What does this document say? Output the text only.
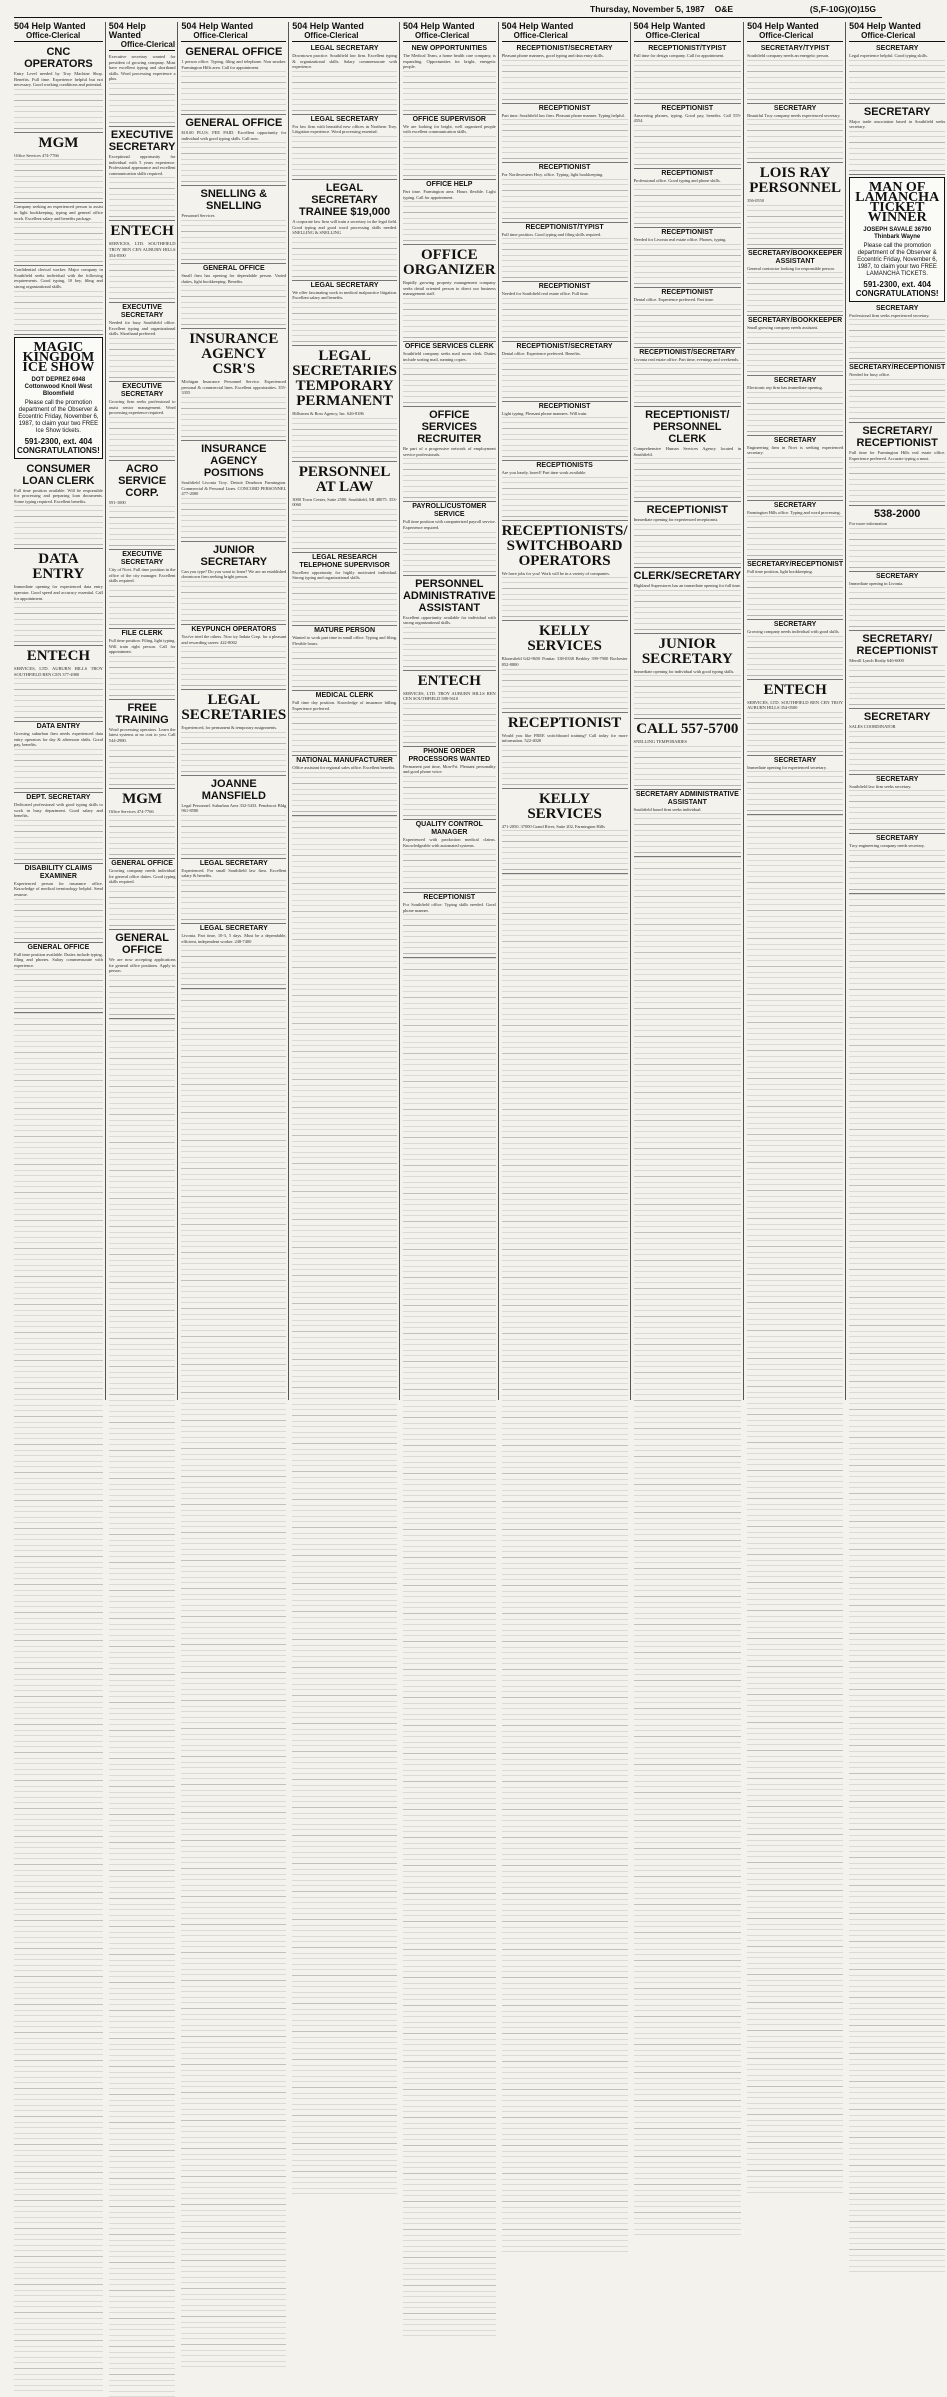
Thursday, November 5, 1987 O&E	(S,F-10G)(O)15G
504 Help Wanted
Office-Clerical
CNC OPERATORS
Entry Level needed by Troy Machine Shop. Benefits. Full time. Experience helpful but not necessary. Good working conditions and potential.
MGM
Office Services 474-7766
Company seeking an experienced person to assist in light bookkeeping, typing and general office work. Excellent salary and benefits package.
Confidential clerical worker. Major company in Southfield seeks individual with the following requirements. Good typing, 10 key, filing and strong organizational skills.
MAGIC KINGDOM ICE SHOW
DOT DEPREZ 6948 Cottonwood Knoll West Bloomfield
Please call the promotion department of the Observer & Eccentric Friday, November 6, 1987, to claim your two FREE Ice Show tickets.
591-2300, ext. 404 CONGRATULATIONS!
CONSUMER LOAN CLERK
Full time position available. Will be responsible for processing and preparing loan documents. Some typing required. Excellent benefits.
DATA ENTRY
Immediate opening for experienced data entry operator. Good speed and accuracy essential. Call for appointment.
ENTECH
SERVICES, LTD. AUBURN HILLS TROY SOUTHFIELD REN CEN 377-4980
DATA ENTRY
Growing suburban firm needs experienced data entry operators for day & afternoon shifts. Good pay, benefits.
DEPT. SECRETARY
Dedicated professional with good typing skills to work in busy department. Good salary and benefits.
DISABILITY CLAIMS EXAMINER
Experienced person for insurance office. Knowledge of medical terminology helpful. Send resume.
GENERAL OFFICE
Full time position available. Duties include typing, filing and phones. Salary commensurate with experience.
504 Help Wanted
Office-Clerical
Executive secretary wanted for president of growing company. Must have excellent typing and shorthand skills. Word processing experience a plus.
EXECUTIVE SECRETARY
Exceptional opportunity for individual with 5 years experience. Professional appearance and excellent communication skills required.
ENTECH
SERVICES, LTD. SOUTHFIELD TROY REN CEN AUBURN HILLS 354-0500
EXECUTIVE SECRETARY
Needed for busy Southfield office. Excellent typing and organizational skills. Shorthand preferred.
EXECUTIVE SECRETARY
Growing firm seeks professional to assist senior management. Word processing experience required.
ACRO SERVICE CORP.
591-1000
EXECUTIVE SECRETARY
City of Novi. Full time position in the office of the city manager. Excellent skills required.
FILE CLERK
Full time position. Filing, light typing. Will train right person. Call for appointment.
FREE TRAINING
Word processing operators. Learn the latest systems at no cost to you. Call 544-2980.
MGM
Office Services 474-7766
GENERAL OFFICE
Growing company needs individual for general office duties. Good typing skills required.
GENERAL OFFICE
We are now accepting applications for general office positions. Apply in person.
504 Help Wanted
Office-Clerical
GENERAL OFFICE
1 person office. Typing, filing and telephone. Non smoker. Farmington Hills area. Call for appointment.
GENERAL OFFICE
$10.00 PLUS. FEE PAID. Excellent opportunity for individual with good typing skills. Call now.
SNELLING & SNELLING
Personnel Services
GENERAL OFFICE
Small firm has opening for dependable person. Varied duties, light bookkeeping. Benefits.
INSURANCE AGENCY CSR'S
Michigan Insurance Personnel Service. Experienced personal & commercial lines. Excellent opportunities. 355-3355
INSURANCE AGENCY POSITIONS
Southfield Livonia Troy. Detroit Dearborn Farmington. Commercial & Personal Lines. CONCORD PERSONNEL 477-2000
JUNIOR SECRETARY
Can you type? Do you want to learn? We are an established downtown firm seeking bright person.
KEYPUNCH OPERATORS
You've tried the others. Now try Indata Corp. for a pleasant and rewarding career. 422-8002
LEGAL SECRETARIES
Experienced, for permanent & temporary assignments.
JOANNE MANSFIELD
Legal Personnel. Suburban Area 332-5433. Penobscot Bldg 961-8580
LEGAL SECRETARY
Experienced. For small Southfield law firm. Excellent salary & benefits.
LEGAL SECRETARY
Livonia. Part time, 10-3, 5 days. Must be a dependable, efficient, independent worker. 248-7400
504 Help Wanted
Office-Clerical
LEGAL SECRETARY
Downtown practice. Southfield law firm. Excellent typing & organizational skills. Salary commensurate with experience.
LEGAL SECRETARY
For law firm with beautiful new offices in Northern Troy. Litigation experience. Word processing essential.
LEGAL SECRETARY TRAINEE $19,000
A corporate law firm will train a secretary in the legal field. Good typing and good word processing skills needed. SNELLING & SNELLING
LEGAL SECRETARY
We offer fascinating work in medical malpractice litigation. Excellent salary and benefits.
LEGAL SECRETARIES TEMPORARY PERMANENT
Hillstrom & Ross Agency, Inc. 626-8186
PERSONNEL AT LAW
3000 Town Center, Suite 2580. Southfield, MI 48075. 353-0060
LEGAL RESEARCH TELEPHONE SUPERVISOR
Excellent opportunity for highly motivated individual. Strong typing and organizational skills.
MATURE PERSON
Wanted to work part time in small office. Typing and filing. Flexible hours.
MEDICAL CLERK
Full time day position. Knowledge of insurance billing. Experience preferred.
NATIONAL MANUFACTURER
Office assistant for regional sales office. Excellent benefits.
504 Help Wanted
Office-Clerical
NEW OPPORTUNITIES
The Medical Team, a home health care company, is expanding. Opportunities for bright, energetic people.
OFFICE SUPERVISOR
We are looking for bright, well organized people with excellent communication skills.
OFFICE HELP
Part time. Farmington area. Hours flexible. Light typing. Call for appointment.
OFFICE ORGANIZER
Rapidly growing property management company seeks detail oriented person to direct our business management staff.
OFFICE SERVICES CLERK
Southfield company seeks mail room clerk. Duties include sorting mail, running copies.
OFFICE SERVICES RECRUITER
Be part of a progressive network of employment service professionals.
PAYROLL/CUSTOMER SERVICE
Full time position with computerized payroll service. Experience required.
PERSONNEL ADMINISTRATIVE ASSISTANT
Excellent opportunity available for individual with strong organizational skills.
ENTECH
SERVICES, LTD. TROY AUBURN HILLS REN CEN SOUTHFIELD 588-5610
PHONE ORDER PROCESSORS WANTED
Permanent part time, Mon-Fri. Pleasant personality and good phone voice.
QUALITY CONTROL MANAGER
Experienced with production medical claims. Knowledgeable with automated systems.
RECEPTIONIST
For Southfield office. Typing skills needed. Good phone manner.
504 Help Wanted
Office-Clerical
RECEPTIONIST/SECRETARY
Pleasant phone manners, good typing and data entry skills.
RECEPTIONIST
Part time. Southfield law firm. Pleasant phone manner. Typing helpful.
RECEPTIONIST
For Northwestern Hwy. office. Typing, light bookkeeping.
RECEPTIONIST/TYPIST
Full time position. Good typing and filing skills required.
RECEPTIONIST
Needed for Southfield real estate office. Full time.
RECEPTIONIST/SECRETARY
Dental office. Experience preferred. Benefits.
RECEPTIONIST
Light typing. Pleasant phone manners. Will train.
RECEPTIONISTS
Are you lonely, bored? Part time work available.
RECEPTIONISTS/ SWITCHBOARD OPERATORS
We have jobs for you! Work will be in a variety of companies.
KELLY SERVICES
Bloomfield 642-9650 Pontiac 338-0338 Berkley 399-7900 Rochester 852-8800
RECEPTIONIST
Would you like FREE switchboard training? Call today for more information. 522-4020
KELLY SERVICES
471-2050. 37000 Grand River, Suite 202, Farmington Hills
504 Help Wanted
Office-Clerical
RECEPTIONIST/TYPIST
Full time for design company. Call for appointment.
RECEPTIONIST
Answering phones, typing. Good pay, benefits. Call 555-4554.
RECEPTIONIST
Professional office. Good typing and phone skills.
RECEPTIONIST
Needed for Livonia real estate office. Phones, typing.
RECEPTIONIST
Dental office. Experience preferred. Part time.
RECEPTIONIST/SECRETARY
Livonia real estate office. Part time, evenings and weekends.
RECEPTIONIST/ PERSONNEL CLERK
Comprehensive Human Services Agency located in Southfield.
RECEPTIONIST
Immediate opening for experienced receptionist.
CLERK/SECRETARY
Highland Superstores has an immediate opening for full time.
JUNIOR SECRETARY
Immediate opening for individual with good typing skills.
CALL 557-5700
SNELLING TEMPORARIES
SECRETARY ADMINISTRATIVE ASSISTANT
Southfield based firm seeks individual.
504 Help Wanted
Office-Clerical
SECRETARY/TYPIST
Southfield company needs an energetic person.
SECRETARY
Beautiful Troy company needs experienced secretary.
LOIS RAY PERSONNEL
356-0550
SECRETARY/BOOKKEEPER ASSISTANT
General contractor looking for responsible person.
SECRETARY/BOOKKEEPER
Small growing company needs assistant.
SECRETARY
Electronic rep firm has immediate opening.
SECRETARY
Engineering firm in Novi is seeking experienced secretary.
SECRETARY
Farmington Hills office. Typing and word processing.
SECRETARY/RECEPTIONIST
Full time position, light bookkeeping.
SECRETARY
Growing company needs individual with good skills.
ENTECH
SERVICES, LTD. SOUTHFIELD REN CEN TROY AUBURN HILLS 354-0500
SECRETARY
Immediate opening for experienced secretary.
504 Help Wanted
Office-Clerical
SECRETARY
Legal experience helpful. Good typing skills.
SECRETARY
Major trade association based in Southfield seeks secretary.
MAN OF LAMANCHA TICKET WINNER
JOSEPH SAVALE 36790 Thinbark Wayne
Please call the promotion department of the Observer & Eccentric Friday, November 6, 1987, to claim your two FREE LAMANCHA TICKETS.
591-2300, ext. 404 CONGRATULATIONS!
SECRETARY
Professional firm seeks experienced secretary.
SECRETARY/RECEPTIONIST
Needed for busy office.
SECRETARY/ RECEPTIONIST
Full time for Farmington Hills real estate office. Experience preferred. Accurate typing a must.
538-2000
For more information
SECRETARY
Immediate opening in Livonia.
SECRETARY/ RECEPTIONIST
Merrill Lynch Realty 646-6000
SECRETARY
SALES COORDINATOR
SECRETARY
Southfield law firm seeks secretary.
SECRETARY
Troy engineering company needs secretary.
